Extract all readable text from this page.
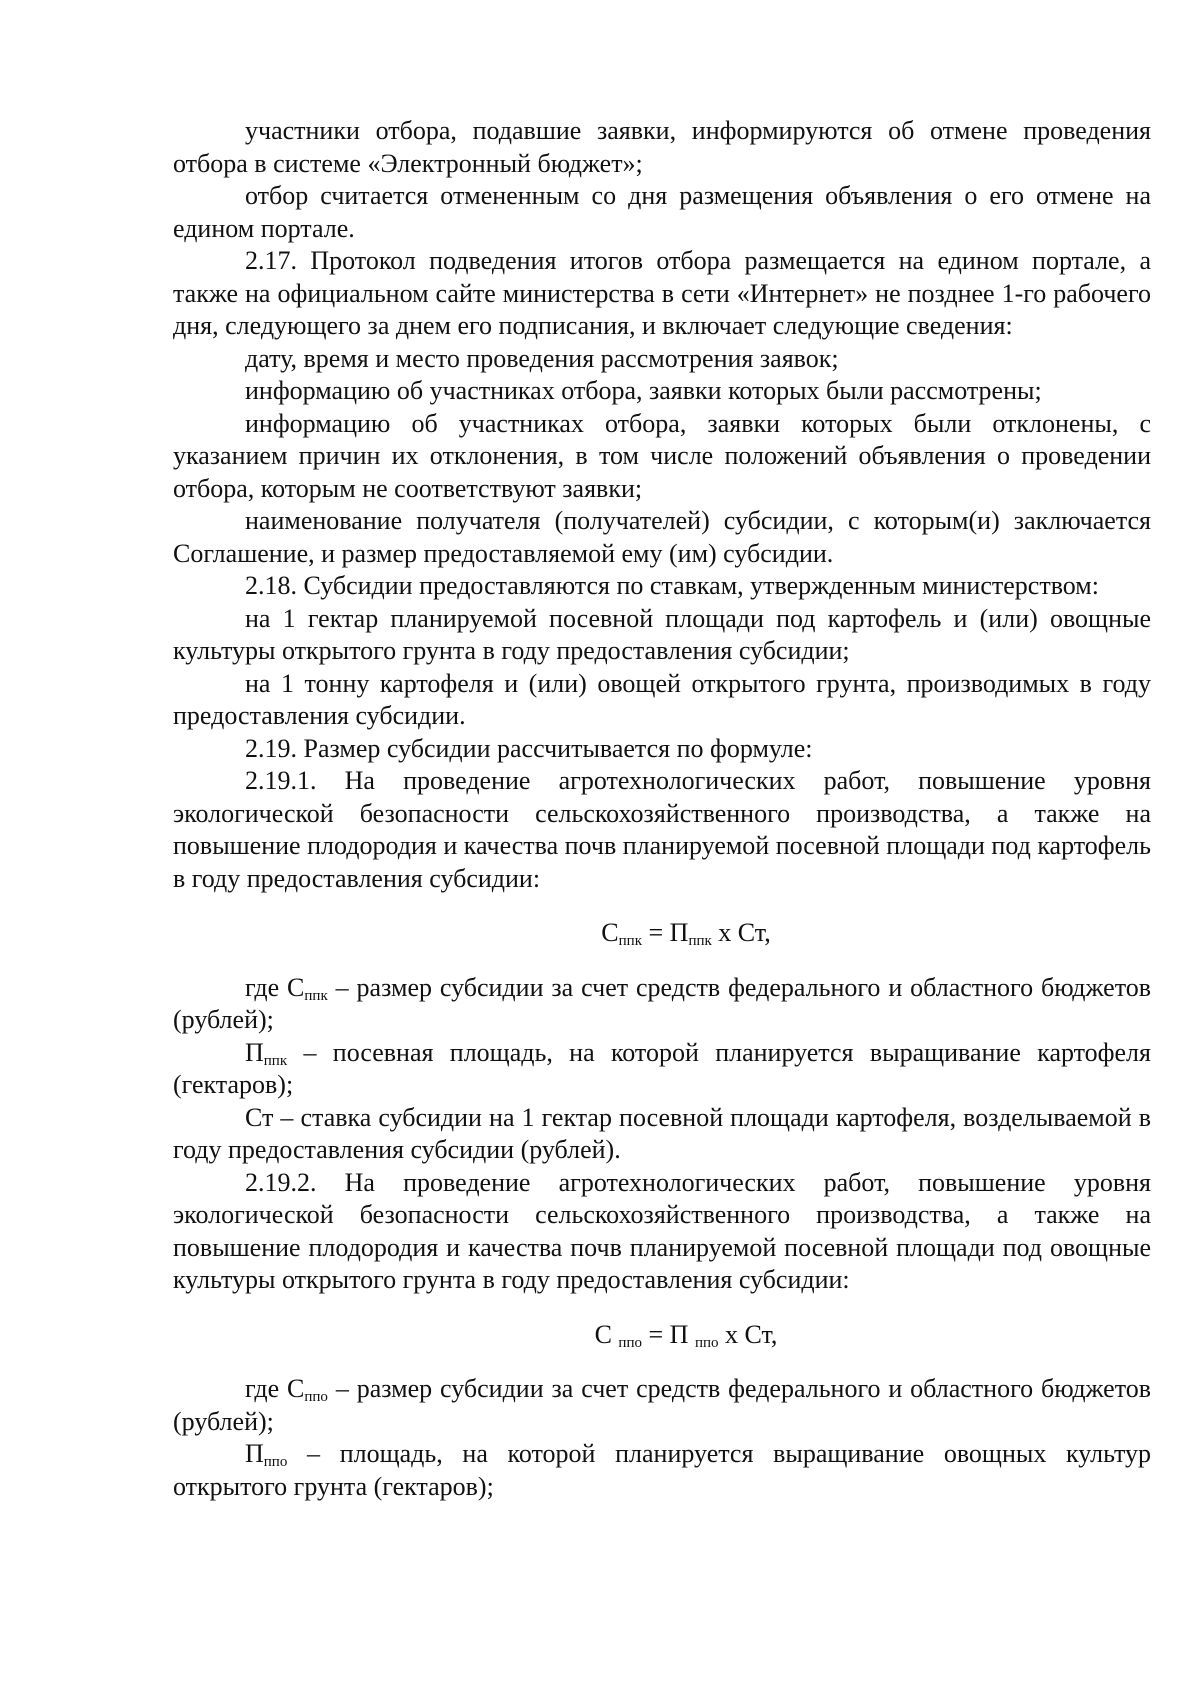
участники отбора, подавшие заявки, информируются об отмене проведения отбора в системе «Электронный бюджет»;

отбор считается отмененным со дня размещения объявления о его отмене на едином портале.

2.17. Протокол подведения итогов отбора размещается на едином портале, а также на официальном сайте министерства в сети «Интернет» не позднее 1-го рабочего дня, следующего за днем его подписания, и включает следующие сведения:

дату, время и место проведения рассмотрения заявок;

информацию об участниках отбора, заявки которых были рассмотрены;

информацию об участниках отбора, заявки которых были отклонены, с указанием причин их отклонения, в том числе положений объявления о проведении отбора, которым не соответствуют заявки;

наименование получателя (получателей) субсидии, с которым(и) заключается Соглашение, и размер предоставляемой ему (им) субсидии.

2.18. Субсидии предоставляются по ставкам, утвержденным министерством:

на 1 гектар планируемой посевной площади под картофель и (или) овощные культуры открытого грунта в году предоставления субсидии;

на 1 тонну картофеля и (или) овощей открытого грунта, производимых в году предоставления субсидии.

2.19. Размер субсидии рассчитывается по формуле:

2.19.1. На проведение агротехнологических работ, повышение уровня экологической безопасности сельскохозяйственного производства, а также на повышение плодородия и качества почв планируемой посевной площади под картофель в году предоставления субсидии:

$С_{ппк} = П_{ппк}$ х Ст,

где $С_{ппк}$ – размер субсидии за счет средств федерального и областного бюджетов (рублей);

$П_{ппк}$ – посевная площадь, на которой планируется выращивание картофеля (гектаров);

Ст – ставка субсидии на 1 гектар посевной площади картофеля, возделываемой в году предоставления субсидии (рублей).

2.19.2. На проведение агротехнологических работ, повышение уровня экологической безопасности сельскохозяйственного производства, а также на повышение плодородия и качества почв планируемой посевной площади под овощные культуры открытого грунта в году предоставления субсидии:

С $_{ппо}$ = П $_{ппо}$ х Ст,

где $С_{ппо}$ – размер субсидии за счет средств федерального и областного бюджетов (рублей);

$П_{ппо}$ – площадь, на которой планируется выращивание овощных культур открытого грунта (гектаров);
